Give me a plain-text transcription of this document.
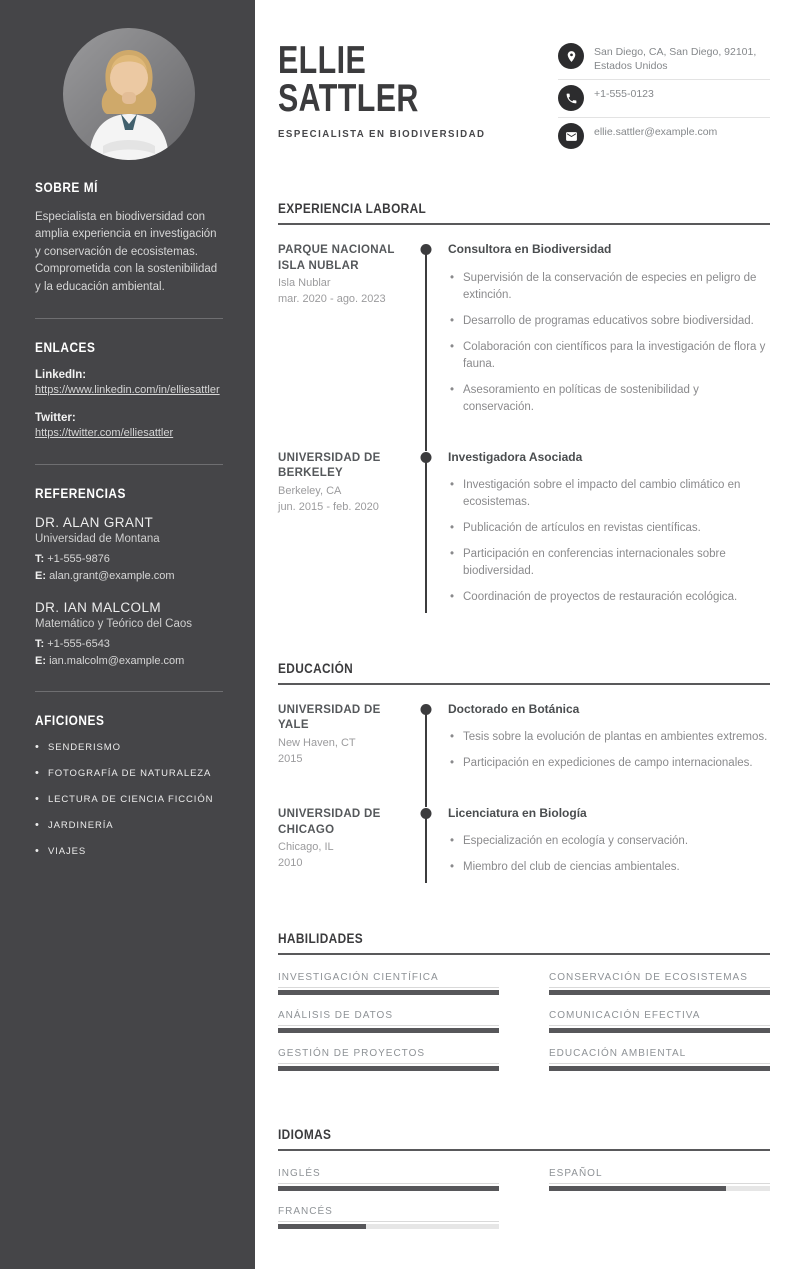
SOBRE MÍ

Especialista en biodiversidad con amplia experiencia en investigación y conservación de ecosistemas. Comprometida con la sostenibilidad y la educación ambiental.

ENLACES
LinkedIn:
https://www.linkedin.com/in/elliesattler
Twitter:
https://twitter.com/elliesattler
REFERENCIAS
DR. ALAN GRANT
Universidad de Montana
T: +1-555-9876
E: alan.grant@example.com
DR. IAN MALCOLM
Matemático y Teórico del Caos
T: +1-555-6543
E: ian.malcolm@example.com
AFICIONES
• SENDERISMO
• FOTOGRAFÍA DE NATURALEZA
• LECTURA DE CIENCIA FICCIÓN
• JARDINERÍA
• VIAJES
ELLIE
SATTLER
ESPECIALISTA EN BIODIVERSIDAD
San Diego, CA, San Diego, 92101, Estados Unidos
+1-555-0123
ellie.sattler@example.com
EXPERIENCIA LABORAL
PARQUE NACIONAL ISLA NUBLAR
Isla Nublar
mar. 2020 - ago. 2023
Consultora en Biodiversidad
• Supervisión de la conservación de especies en peligro de extinción.
• Desarrollo de programas educativos sobre biodiversidad.
• Colaboración con científicos para la investigación de flora y fauna.
• Asesoramiento en políticas de sostenibilidad y conservación.
UNIVERSIDAD DE BERKELEY
Berkeley, CA
jun. 2015 - feb. 2020
Investigadora Asociada
• Investigación sobre el impacto del cambio climático en ecosistemas.
• Publicación de artículos en revistas científicas.
• Participación en conferencias internacionales sobre biodiversidad.
• Coordinación de proyectos de restauración ecológica.
EDUCACIÓN
UNIVERSIDAD DE YALE
New Haven, CT
2015
Doctorado en Botánica
• Tesis sobre la evolución de plantas en ambientes extremos.
• Participación en expediciones de campo internacionales.
UNIVERSIDAD DE CHICAGO
Chicago, IL
2010
Licenciatura en Biología
• Especialización en ecología y conservación.
• Miembro del club de ciencias ambientales.
HABILIDADES
INVESTIGACIÓN CIENTÍFICA	CONSERVACIÓN DE ECOSISTEMAS
ANÁLISIS DE DATOS	COMUNICACIÓN EFECTIVA
GESTIÓN DE PROYECTOS	EDUCACIÓN AMBIENTAL
IDIOMAS
INGLÉS	ESPAÑOL
FRANCÉS
